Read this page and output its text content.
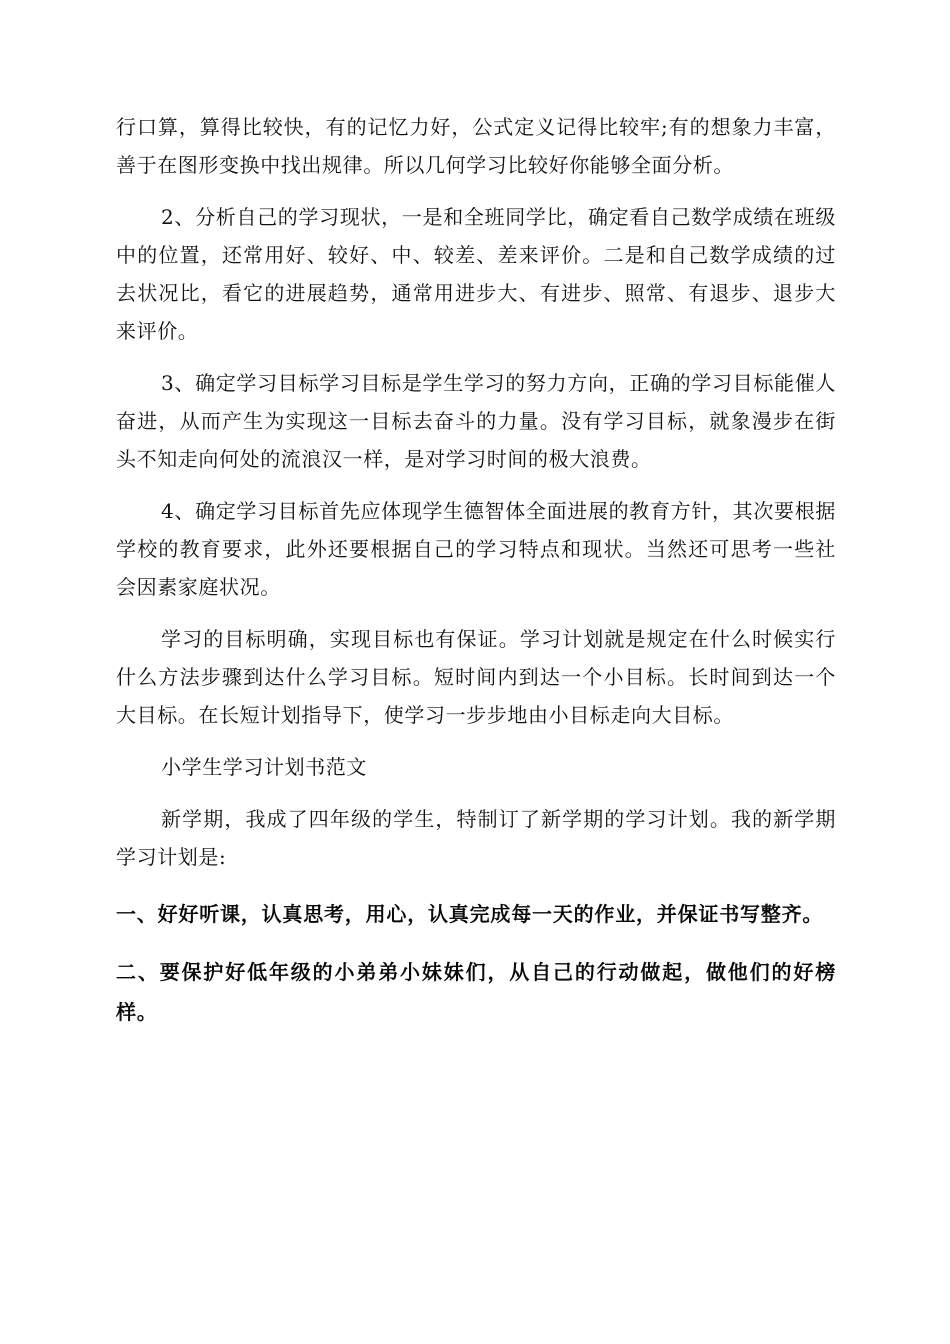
行口算，算得比较快，有的记忆力好，公式定义记得比较牢;有的想象力丰富，善于在图形变换中找出规律。所以几何学习比较好你能够全面分析。

2、分析自己的学习现状，一是和全班同学比，确定看自己数学成绩在班级中的位置，还常用好、较好、中、较差、差来评价。二是和自己数学成绩的过去状况比，看它的进展趋势，通常用进步大、有进步、照常、有退步、退步大来评价。

3、确定学习目标学习目标是学生学习的努力方向，正确的学习目标能催人奋进，从而产生为实现这一目标去奋斗的力量。没有学习目标，就象漫步在街头不知走向何处的流浪汉一样，是对学习时间的极大浪费。

4、确定学习目标首先应体现学生德智体全面进展的教育方针，其次要根据学校的教育要求，此外还要根据自己的学习特点和现状。当然还可思考一些社会因素家庭状况。

学习的目标明确，实现目标也有保证。学习计划就是规定在什么时候实行什么方法步骤到达什么学习目标。短时间内到达一个小目标。长时间到达一个大目标。在长短计划指导下，使学习一步步地由小目标走向大目标。

小学生学习计划书范文

新学期，我成了四年级的学生，特制订了新学期的学习计划。我的新学期学习计划是:

一、好好听课，认真思考，用心，认真完成每一天的作业，并保证书写整齐。

二、要保护好低年级的小弟弟小妹妹们，从自己的行动做起，做他们的好榜样。
